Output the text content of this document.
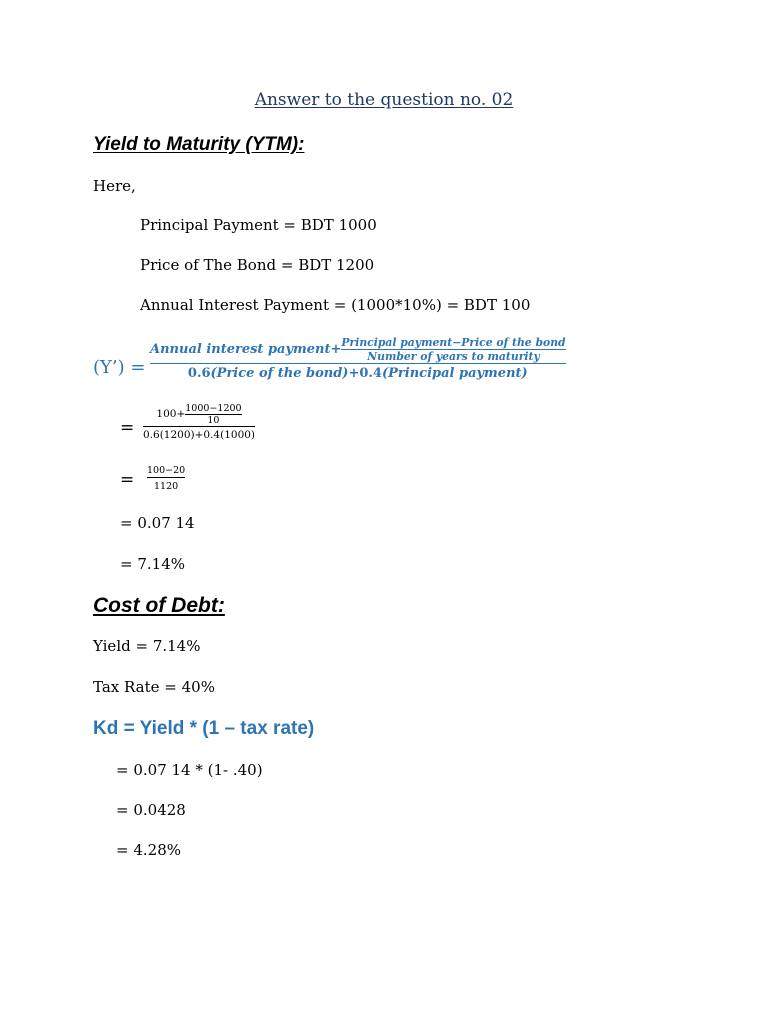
Answer to the question no. 02
Yield to Maturity (YTM):
Here,
Principal Payment = BDT 1000
Price of The Bond = BDT 1200
Annual Interest Payment = (1000*10%) = BDT 100
(Y’) =
Annual interest payment+ $\frac{\text{Principal payment−Price of the bond}}{\text{Number of years to maturity}}$
0.6(Price of the bond)+0.4(Principal payment)
= $\frac{100+ \frac{1000-1200}{10}}{0.6(1200)+0.4(1000)}$
= $\frac{100-20}{1120}$
= 0.07 14
= 7.14%
Cost of Debt:
Yield = 7.14%
Tax Rate = 40%
Kd = Yield * (1 – tax rate)
= 0.07 14 * (1- .40)
= 0.0428
= 4.28%
